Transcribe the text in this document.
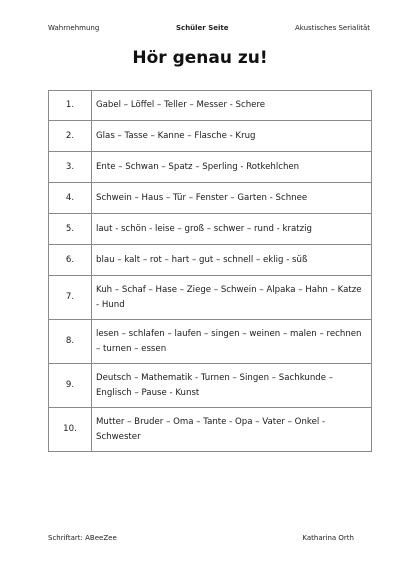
Wahrnehmung	Schüler Seite	Akustisches Serialität
Hör genau zu!
1.	Gabel – Löffel – Teller – Messer - Schere
2.	Glas – Tasse – Kanne – Flasche - Krug
3.	Ente – Schwan – Spatz – Sperling - Rotkehlchen
4.	Schwein – Haus – Tür – Fenster – Garten - Schnee
5.	laut - schön - leise – groß – schwer – rund - kratzig
6.	blau – kalt – rot – hart – gut – schnell – eklig - süß
7.	Kuh – Schaf – Hase – Ziege – Schwein – Alpaka – Hahn – Katze - Hund
8.	lesen – schlafen – laufen – singen – weinen – malen – rechnen – turnen – essen
9.	Deutsch – Mathematik - Turnen – Singen – Sachkunde – Englisch – Pause - Kunst
10.	Mutter – Bruder – Oma – Tante - Opa – Vater – Onkel - Schwester
Schriftart: ABeeZee	Katharina Orth
